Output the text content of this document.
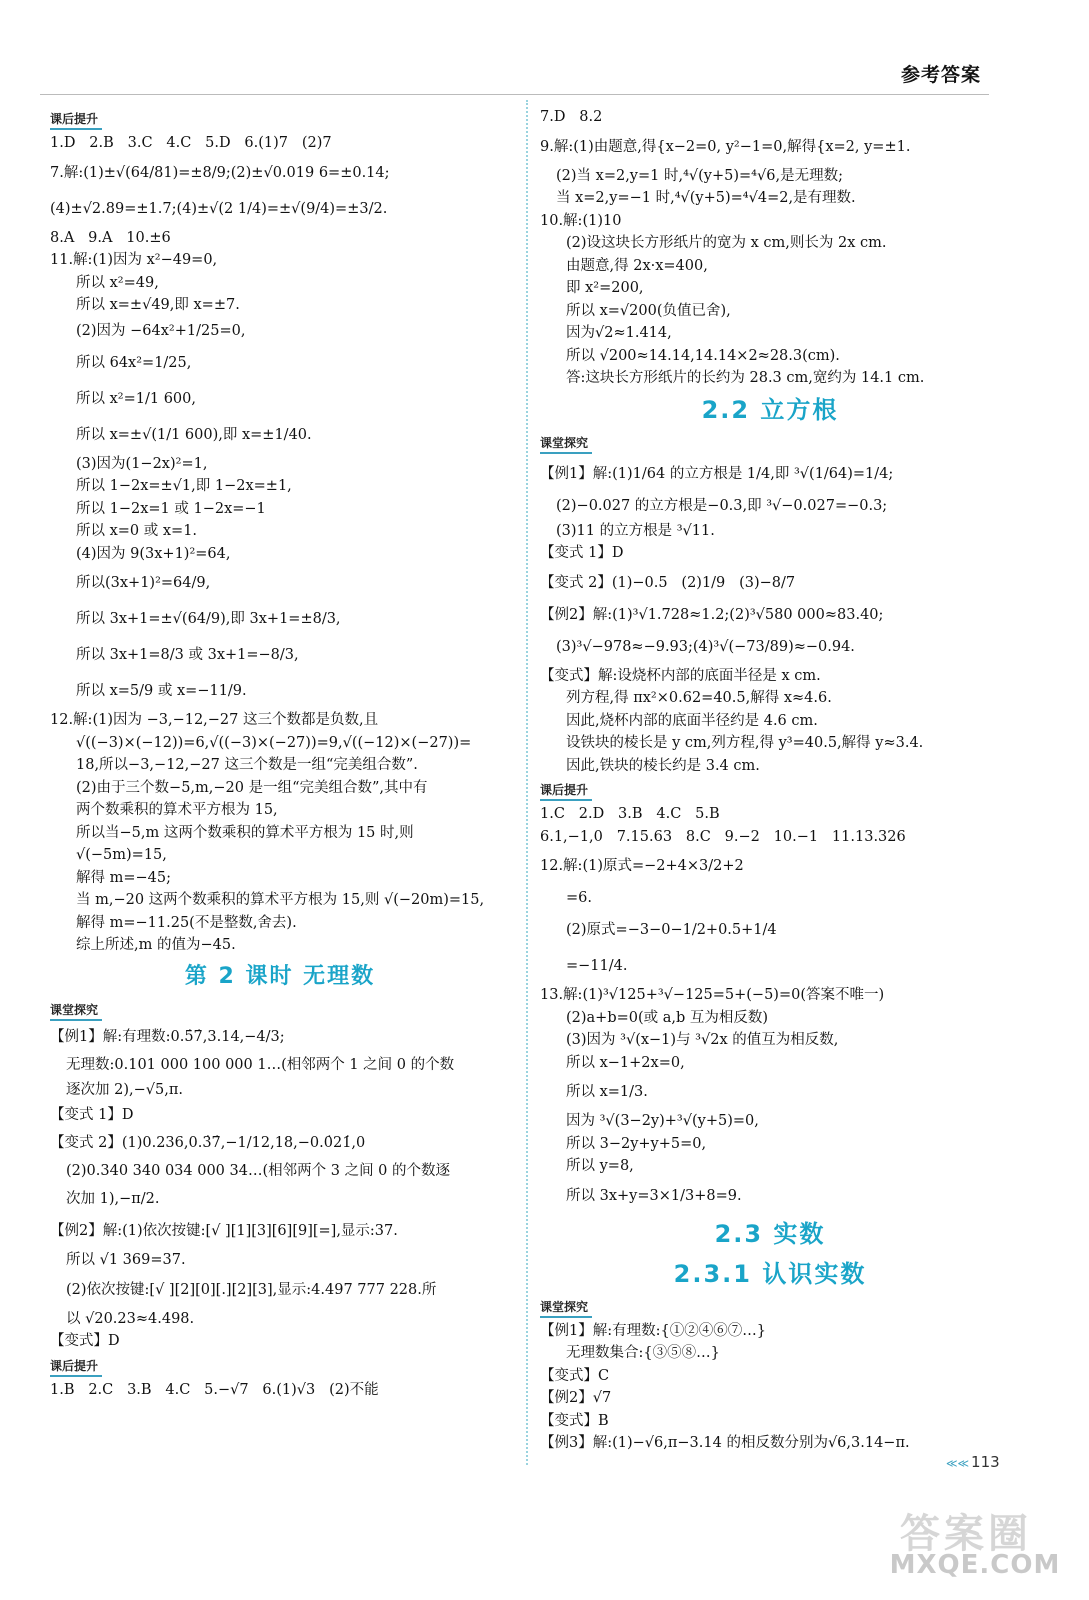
参考答案
课后提升
1.D   2.B   3.C   4.C   5.D   6.(1)7   (2)7
7.解:(1)±√(64/81)=±8/9;(2)±√0.019 6=±0.14;
(4)±√2.89=±1.7;(4)±√(2 1/4)=±√(9/4)=±3/2.
8.A   9.A   10.±6
11.解:(1)因为 x²−49=0,
所以 x²=49,
所以 x=±√49,即 x=±7.
(2)因为 −64x²+1/25=0,
所以 64x²=1/25,
所以 x²=1/1 600,
所以 x=±√(1/1 600),即 x=±1/40.
(3)因为(1−2x)²=1,
所以 1−2x=±√1,即 1−2x=±1,
所以 1−2x=1 或 1−2x=−1
所以 x=0 或 x=1.
(4)因为 9(3x+1)²=64,
所以(3x+1)²=64/9,
所以 3x+1=±√(64/9),即 3x+1=±8/3,
所以 3x+1=8/3 或 3x+1=−8/3,
所以 x=5/9 或 x=−11/9.
12.解:(1)因为 −3,−12,−27 这三个数都是负数,且
√((−3)×(−12))=6,√((−3)×(−27))=9,√((−12)×(−27))=
18,所以−3,−12,−27 这三个数是一组“完美组合数”.
(2)由于三个数−5,m,−20 是一组“完美组合数”,其中有
两个数乘积的算术平方根为 15,
所以当−5,m 这两个数乘积的算术平方根为 15 时,则
√(−5m)=15,
解得 m=−45;
当 m,−20 这两个数乘积的算术平方根为 15,则 √(−20m)=15,
解得 m=−11.25(不是整数,舍去).
综上所述,m 的值为−45.
第 2 课时 无理数
课堂探究
【例1】解:有理数:0.5̇7̇,3.14,−4/3;
无理数:0.101 000 100 000 1…(相邻两个 1 之间 0 的个数
逐次加 2),−√5,π.
【变式 1】D
【变式 2】(1)0.236,0.3̇7̇,−1/12,18,−0.0̇21̇,0
(2)0.340 340 034 000 34…(相邻两个 3 之间 0 的个数逐
次加 1),−π/2.
【例2】解:(1)依次按键:[√ ][1][3][6][9][=],显示:37.
所以 √1 369=37.
(2)依次按键:[√ ][2][0][.][2][3],显示:4.497 777 228.所
以 √20.23≈4.498.
【变式】D
课后提升
1.B   2.C   3.B   4.C   5.−√7   6.(1)√3   (2)不能
7.D   8.2
9.解:(1)由题意,得{x−2=0, y²−1=0,解得{x=2, y=±1.
(2)当 x=2,y=1 时,⁴√(y+5)=⁴√6,是无理数;
当 x=2,y=−1 时,⁴√(y+5)=⁴√4=2,是有理数.
10.解:(1)10
(2)设这块长方形纸片的宽为 x cm,则长为 2x cm.
由题意,得 2x·x=400,
即 x²=200,
所以 x=√200(负值已舍),
因为√2≈1.414,
所以 √200≈14.14,14.14×2≈28.3(cm).
答:这块长方形纸片的长约为 28.3 cm,宽约为 14.1 cm.
2.2 立方根
课堂探究
【例1】解:(1)1/64 的立方根是 1/4,即 ³√(1/64)=1/4;
(2)−0.027 的立方根是−0.3,即 ³√−0.027=−0.3;
(3)11 的立方根是 ³√11.
【变式 1】D
【变式 2】(1)−0.5   (2)1/9   (3)−8/7
【例2】解:(1)³√1.728≈1.2;(2)³√580 000≈83.40;
(3)³√−978≈−9.93;(4)³√(−73/89)≈−0.94.
【变式】解:设烧杯内部的底面半径是 x cm.
列方程,得 πx²×0.62=40.5,解得 x≈4.6.
因此,烧杯内部的底面半径约是 4.6 cm.
设铁块的棱长是 y cm,列方程,得 y³=40.5,解得 y≈3.4.
因此,铁块的棱长约是 3.4 cm.
课后提升
1.C   2.D   3.B   4.C   5.B
6.1,−1,0   7.15.63   8.C   9.−2   10.−1   11.13.326
12.解:(1)原式=−2+4×3/2+2
=6.
(2)原式=−3−0−1/2+0.5+1/4
=−11/4.
13.解:(1)³√125+³√−125=5+(−5)=0(答案不唯一)
(2)a+b=0(或 a,b 互为相反数)
(3)因为 ³√(x−1)与 ³√2x 的值互为相反数,
所以 x−1+2x=0,
所以 x=1/3.
因为 ³√(3−2y)+³√(y+5)=0,
所以 3−2y+y+5=0,
所以 y=8,
所以 3x+y=3×1/3+8=9.
2.3 实数
2.3.1 认识实数
课堂探究
【例1】解:有理数:{①②④⑥⑦…}
无理数集合:{③⑤⑧…}
【变式】C
【例2】√7
【变式】B
【例3】解:(1)−√6,π−3.14 的相反数分别为√6,3.14−π.
≪≪ 113
答案圈
MXQE.COM
